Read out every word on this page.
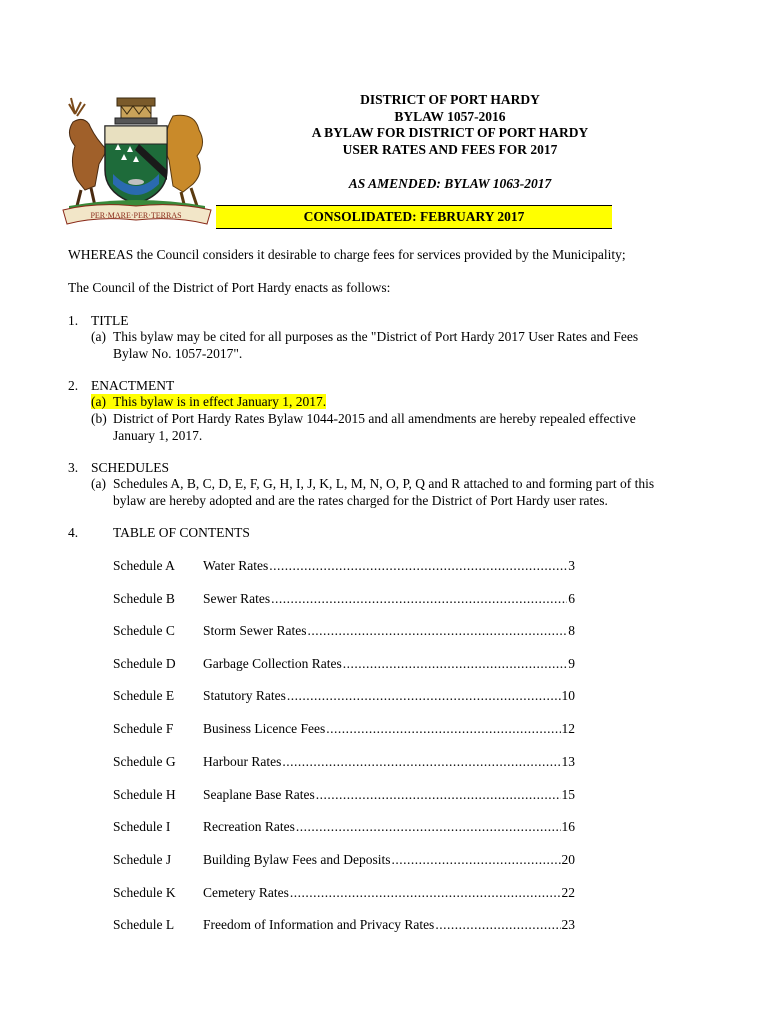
PER·MARE·PER·TERRAS
DISTRICT OF PORT HARDY
BYLAW 1057-2016
A BYLAW FOR DISTRICT OF PORT HARDY
USER RATES AND FEES FOR 2017
AS AMENDED: BYLAW 1063-2017
CONSOLIDATED: FEBRUARY 2017
WHEREAS the Council considers it desirable to charge fees for services provided by the Municipality;
The Council of the District of Port Hardy enacts as follows:
1. TITLE
(a) This bylaw may be cited for all purposes as the "District of Port Hardy 2017 User Rates and Fees
Bylaw No. 1057-2017".
2. ENACTMENT
(a) This bylaw is in effect January 1, 2017.
(b) District of Port Hardy Rates Bylaw 1044-2015 and all amendments are hereby repealed effective
January 1, 2017.
3. SCHEDULES
(a) Schedules A, B, C, D, E, F, G, H, I, J, K, L, M, N, O, P, Q and R attached to and forming part of this
bylaw are hereby adopted and are the rates charged for the District of Port Hardy user rates.
4.	TABLE OF CONTENTS
Schedule A Water Rates .....	3
Schedule B Sewer Rates .....	6
Schedule C Storm Sewer Rates .....	8
Schedule D Garbage Collection Rates .....	9
Schedule E Statutory Rates .....	10
Schedule F Business Licence Fees .....	12
Schedule G Harbour Rates .....	13
Schedule H Seaplane Base Rates .....	15
Schedule I Recreation Rates .....	16
Schedule J Building Bylaw Fees and Deposits .....	20
Schedule K Cemetery Rates .....	22
Schedule L Freedom of Information and Privacy Rates .....	23
